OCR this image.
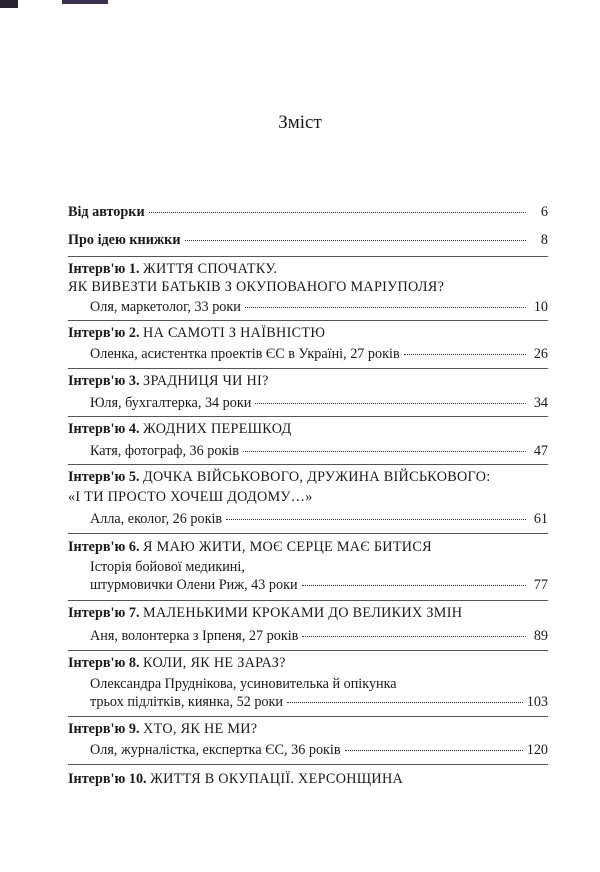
Зміст
Від авторки	6
Про ідею книжки	8
Інтерв'ю 1. ЖИТТЯ СПОЧАТКУ.
ЯК ВИВЕЗТИ БАТЬКІВ З ОКУПОВАНОГО МАРІУПОЛЯ?
Оля, маркетолог, 33 роки	10
Інтерв'ю 2. НА САМОТІ З НАЇВНІСТЮ
Оленка, асистентка проектів ЄС в Україні, 27 років	26
Інтерв'ю 3. ЗРАДНИЦЯ ЧИ НІ?
Юля, бухгалтерка, 34 роки	34
Інтерв'ю 4. ЖОДНИХ ПЕРЕШКОД
Катя, фотограф, 36 років	47
Інтерв'ю 5. ДОЧКА ВІЙСЬКОВОГО, ДРУЖИНА ВІЙСЬКОВОГО:
«І ТИ ПРОСТО ХОЧЕШ ДОДОМУ…»
Алла, еколог, 26 років	61
Інтерв'ю 6. Я МАЮ ЖИТИ, МОЄ СЕРЦЕ МАЄ БИТИСЯ
Історія бойової медикині,
штурмовички Олени Риж, 43 роки	77
Інтерв'ю 7. МАЛЕНЬКИМИ КРОКАМИ ДО ВЕЛИКИХ ЗМІН
Аня, волонтерка з Ірпеня, 27 років	89
Інтерв'ю 8. КОЛИ, ЯК НЕ ЗАРАЗ?
Олександра Пруднікова, усиновителька й опікунка
трьох підлітків, киянка, 52 роки	103
Інтерв'ю 9. ХТО, ЯК НЕ МИ?
Оля, журналістка, експертка ЄС, 36 років	120
Інтерв'ю 10. ЖИТТЯ В ОКУПАЦІЇ. ХЕРСОНЩИНА
